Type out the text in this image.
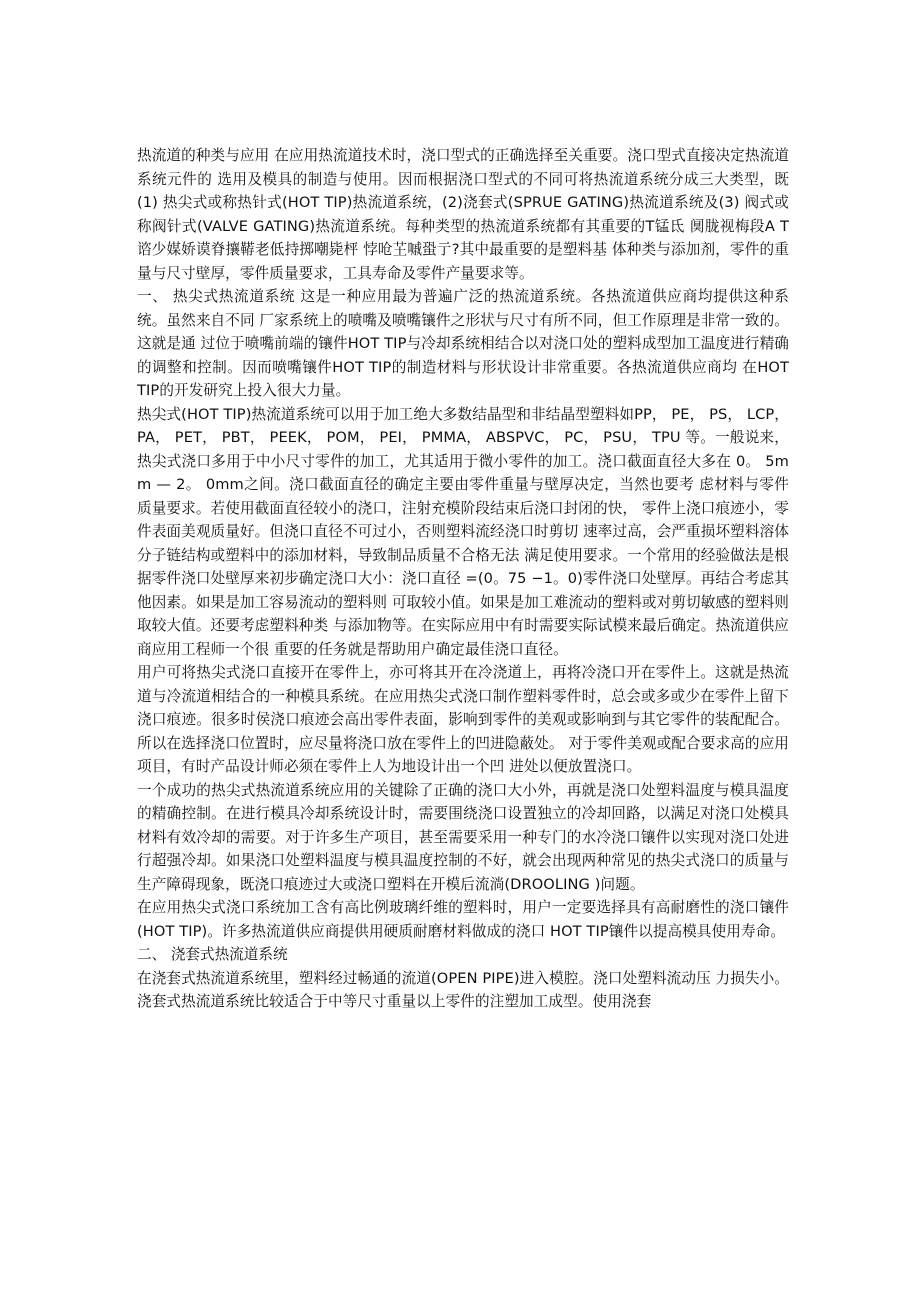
热流道的种类与应用 在应用热流道技术时，浇口型式的正确选择至关重要。浇口型式直接决定热流道系统元件的 选用及模具的制造与使用。因而根据浇口型式的不同可将热流道系统分成三大类型，既(1) 热尖式或称热针式(HOT TIP)热流道系统，(2)浇套式(SPRUE GATING)热流道系统及(3) 阀式或称阀针式(VALVE GATING)热流道系统。每种类型的热流道系统都有其重要的T锰氐 阒胧视梅段A T谘少媒娇谟脊攘鞯老低持掷嘲毙枰 悖呛芏嘁蛩亍?其中最重要的是塑料基 体种类与添加剂，零件的重量与尺寸壁厚，零件质量要求，工具寿命及零件产量要求等。

一、 热尖式热流道系统 这是一种应用最为普遍广泛的热流道系统。各热流道供应商均提供这种系统。虽然来自不同 厂家系统上的喷嘴及喷嘴镶件之形状与尺寸有所不同，但工作原理是非常一致的。这就是通 过位于喷嘴前端的镶件HOT TIP与冷却系统相结合以对浇口处的塑料成型加工温度进行精确 的调整和控制。因而喷嘴镶件HOT TIP的制造材料与形状设计非常重要。各热流道供应商均 在HOT TIP的开发研究上投入很大力量。

热尖式(HOT TIP)热流道系统可以用于加工绝大多数结晶型和非结晶型塑料如PP， PE， PS， LCP， PA， PET， PBT， PEEK， POM， PEI， PMMA， ABSPVC， PC， PSU， TPU 等。一般说来， 热尖式浇口多用于中小尺寸零件的加工，尤其适用于微小零件的加工。浇口截面直径大多在 0。 5mm — 2。 0mm之间。浇口截面直径的确定主要由零件重量与壁厚决定，当然也要考 虑材料与零件质量要求。若使用截面直径较小的浇口，注射充模阶段结束后浇口封闭的快， 零件上浇口痕迹小，零件表面美观质量好。但浇口直径不可过小，否则塑料流经浇口时剪切 速率过高，会严重损坏塑料溶体分子链结构或塑料中的添加材料，导致制品质量不合格无法 满足使用要求。一个常用的经验做法是根据零件浇口处壁厚来初步确定浇口大小：浇口直径 =(0。75 −1。0)零件浇口处壁厚。再结合考虑其他因素。如果是加工容易流动的塑料则 可取较小值。如果是加工难流动的塑料或对剪切敏感的塑料则取较大值。还要考虑塑料种类 与添加物等。在实际应用中有时需要实际试模来最后确定。热流道供应商应用工程师一个很 重要的任务就是帮助用户确定最佳浇口直径。

用户可将热尖式浇口直接开在零件上，亦可将其开在冷浇道上，再将冷浇口开在零件上。这就是热流道与冷流道相结合的一种模具系统。在应用热尖式浇口制作塑料零件时，总会或多或少在零件上留下浇口痕迹。很多时侯浇口痕迹会高出零件表面，影响到零件的美观或影响到与其它零件的装配配合。所以在选择浇口位置时，应尽量将浇口放在零件上的凹进隐蔽处。 对于零件美观或配合要求高的应用项目，有时产品设计师必须在零件上人为地设计出一个凹 进处以便放置浇口。

一个成功的热尖式热流道系统应用的关键除了正确的浇口大小外，再就是浇口处塑料温度与模具温度的精确控制。在进行模具冷却系统设计时，需要围绕浇口设置独立的冷却回路，以满足对浇口处模具材料有效冷却的需要。对于许多生产项目，甚至需要采用一种专门的水冷浇口镶件以实现对浇口处进行超强冷却。如果浇口处塑料温度与模具温度控制的不好，就会出现两种常见的热尖式浇口的质量与生产障碍现象，既浇口痕迹过大或浇口塑料在开模后流淌(DROOLING )问题。

在应用热尖式浇口系统加工含有高比例玻璃纤维的塑料时，用户一定要选择具有高耐磨性的浇口镶件(HOT TIP)。许多热流道供应商提供用硬质耐磨材料做成的浇口 HOT TIP镶件以提高模具使用寿命。

二、 浇套式热流道系统

在浇套式热流道系统里，塑料经过畅通的流道(OPEN PIPE)进入模腔。浇口处塑料流动压 力损失小。浇套式热流道系统比较适合于中等尺寸重量以上零件的注塑加工成型。使用浇套
